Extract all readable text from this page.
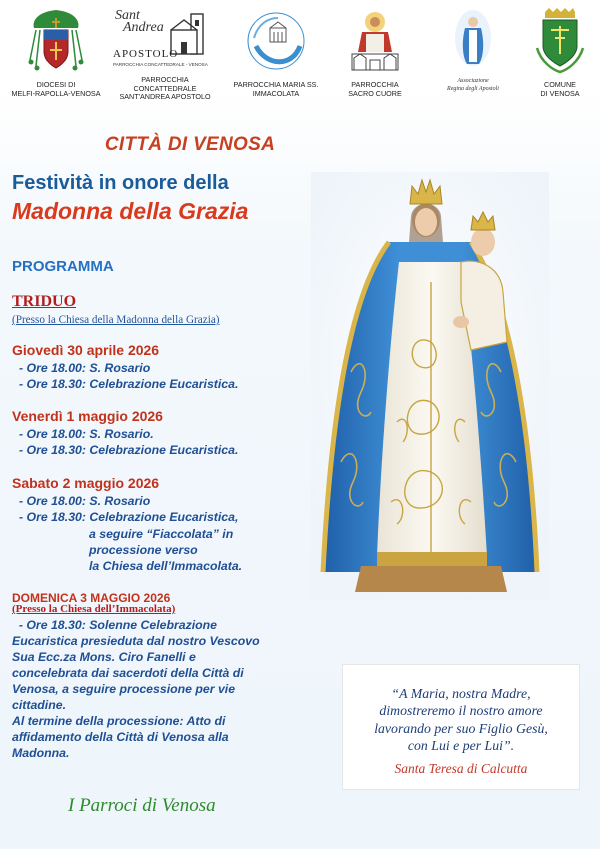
DIOCESI DI
MELFI-RAPOLLA-VENOSA
Sant
Andrea
APOSTOLO
PARROCCHIA CONCATTEDRALE - VENOSA
PARROCCHIA
CONCATTEDRALE
SANT'ANDREA APOSTOLO
PARROCCHIA MARIA SS.
IMMACOLATA
PARROCCHIA
SACRO CUORE
Associazione
Regina degli Apostoli	COMUNE
DI VENOSA
CITTÀ DI VENOSA
Festività in onore della
Madonna della Grazia
PROGRAMMA
TRIDUO
(Presso la Chiesa della Madonna della Grazia)
Giovedì 30 aprile 2026
- Ore 18.00: S. Rosario
- Ore 18.30: Celebrazione Eucaristica.
Venerdì 1 maggio 2026
- Ore 18.00: S. Rosario.
- Ore 18.30: Celebrazione Eucaristica.
Sabato 2 maggio 2026
- Ore 18.00: S. Rosario
- Ore 18.30: Celebrazione Eucaristica,
a seguire “Fiaccolata” in
processione verso
la Chiesa dell’Immacolata.
DOMENICA 3 MAGGIO 2026
(Presso la Chiesa dell’Immacolata)
- Ore 18.30: Solenne Celebrazione
Eucaristica presieduta dal nostro Vescovo
Sua Ecc.za Mons. Ciro Fanelli e
concelebrata dai sacerdoti della Città di
Venosa, a seguire processione per vie
cittadine.
Al termine della processione: Atto di
affidamento della Città di Venosa alla
Madonna.
I Parroci di Venosa
“A Maria, nostra Madre,
dimostreremo il nostro amore
lavorando per suo Figlio Gesù,
con Lui e per Lui”.
Santa Teresa di Calcutta
